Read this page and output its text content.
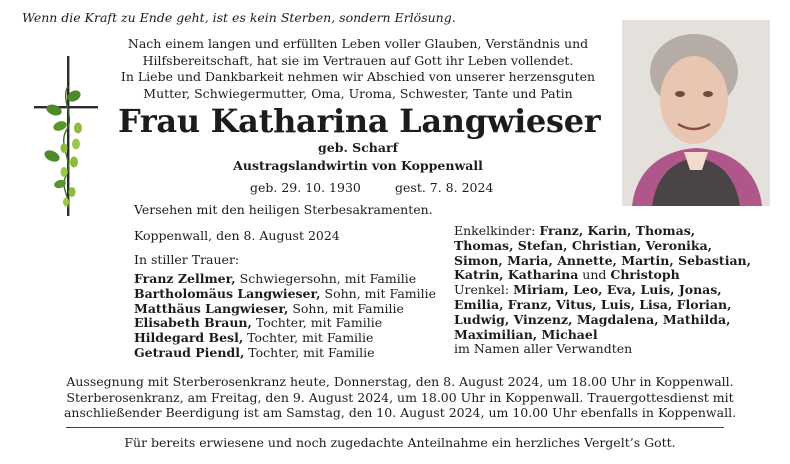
Wenn die Kraft zu Ende geht, ist es kein Sterben, sondern Erlösung.
Nach einem langen und erfüllten Leben voller Glauben, Verständnis und
Hilfsbereitschaft, hat sie im Vertrauen auf Gott ihr Leben vollendet.
In Liebe und Dankbarkeit nehmen wir Abschied von unserer herzensguten
Mutter, Schwiegermutter, Oma, Uroma, Schwester, Tante und Patin
Frau Katharina Langwieser
geb. Scharf
Austragslandwirtin von Koppenwall
geb. 29. 10. 1930	gest. 7. 8. 2024
Versehen mit den heiligen Sterbesakramenten.
Koppenwall, den 8. August 2024
In stiller Trauer:
Franz Zellmer, Schwiegersohn, mit Familie
Bartholomäus Langwieser, Sohn, mit Familie
Matthäus Langwieser, Sohn, mit Familie
Elisabeth Braun, Tochter, mit Familie
Hildegard Besl, Tochter, mit Familie
Getraud Piendl, Tochter, mit Familie
Enkelkinder: Franz, Karin, Thomas,
Thomas, Stefan, Christian, Veronika,
Simon, Maria, Annette, Martin, Sebastian,
Katrin, Katharina und Christoph
Urenkel: Miriam, Leo, Eva, Luis, Jonas,
Emilia, Franz, Vitus, Luis, Lisa, Florian,
Ludwig, Vinzenz, Magdalena, Mathilda,
Maximilian, Michael
im Namen aller Verwandten
Aussegnung mit Sterberosenkranz heute, Donnerstag, den 8. August 2024, um 18.00 Uhr in Koppenwall.
Sterberosenkranz, am Freitag, den 9. August 2024, um 18.00 Uhr in Koppenwall. Trauergottesdienst mit
anschließender Beerdigung ist am Samstag, den 10. August 2024, um 10.00 Uhr ebenfalls in Koppenwall.
Für bereits erwiesene und noch zugedachte Anteilnahme ein herzliches Vergelt’s Gott.
